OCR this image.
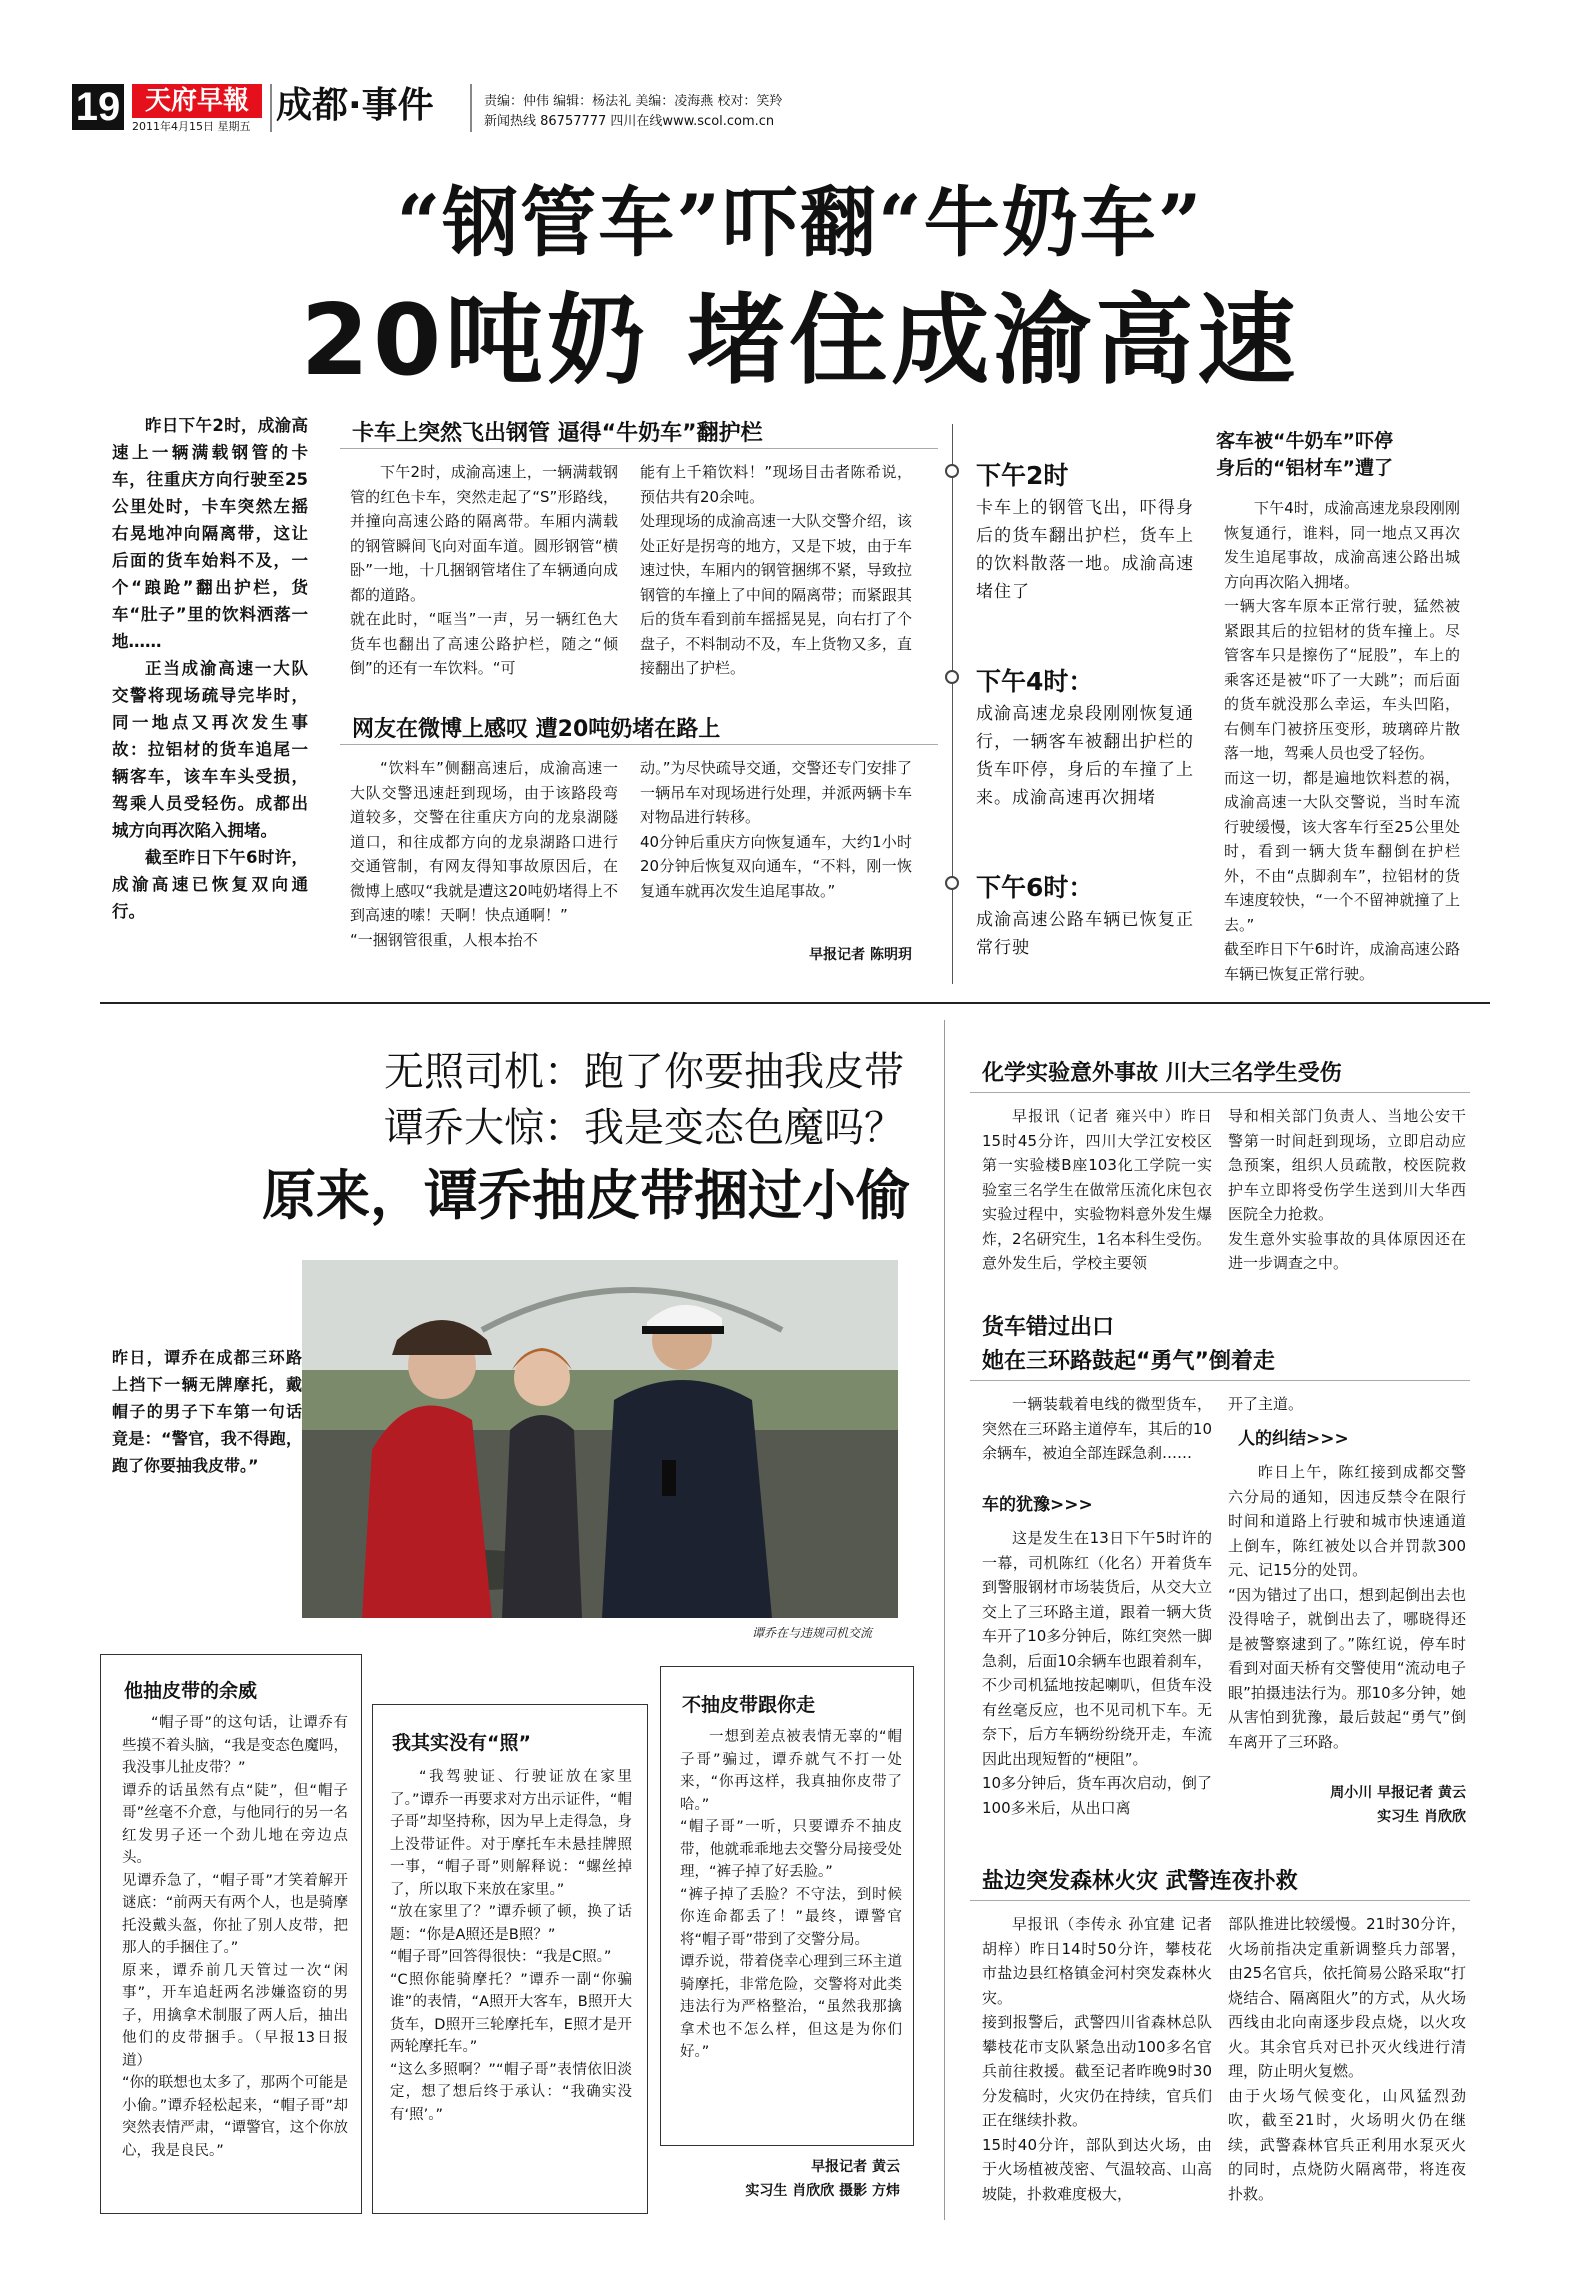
19 天府早報
2011年4月15日 星期五
成都·事件	责编：仲伟 编辑：杨法礼 美编：凌海燕 校对：笑羚
新闻热线 86757777 四川在线www.scol.com.cn
“钢管车”吓翻“牛奶车”
20吨奶 堵住成渝高速

昨日下午2时，成渝高速上一辆满载钢管的卡车，往重庆方向行驶至25公里处时，卡车突然左摇右晃地冲向隔离带，这让后面的货车始料不及，一个“踉跄”翻出护栏，货车“肚子”里的饮料洒落一地……

正当成渝高速一大队交警将现场疏导完毕时，同一地点又再次发生事故：拉铝材的货车追尾一辆客车，该车车头受损，驾乘人员受轻伤。成都出城方向再次陷入拥堵。

截至昨日下午6时许，成渝高速已恢复双向通行。

卡车上突然飞出钢管 逼得“牛奶车”翻护栏

下午2时，成渝高速上，一辆满载钢管的红色卡车，突然走起了“S”形路线，并撞向高速公路的隔离带。车厢内满载的钢管瞬间飞向对面车道。圆形钢管“横卧”一地，十几捆钢管堵住了车辆通向成都的道路。
就在此时，“哐当”一声，另一辆红色大货车也翻出了高速公路护栏，随之“倾倒”的还有一车饮料。“可

能有上千箱饮料！”现场目击者陈希说，预估共有20余吨。
处理现场的成渝高速一大队交警介绍，该处正好是拐弯的地方，又是下坡，由于车速过快，车厢内的钢管捆绑不紧，导致拉钢管的车撞上了中间的隔离带；而紧跟其后的货车看到前车摇摇晃晃，向右打了个盘子，不料制动不及，车上货物又多，直接翻出了护栏。

网友在微博上感叹 遭20吨奶堵在路上

“饮料车”侧翻高速后，成渝高速一大队交警迅速赶到现场，由于该路段弯道较多，交警在往重庆方向的龙泉湖隧道口，和往成都方向的龙泉湖路口进行交通管制，有网友得知事故原因后，在微博上感叹“我就是遭这20吨奶堵得上不到高速的嗦！天啊！快点通啊！”
“一捆钢管很重，人根本抬不

动。”为尽快疏导交通，交警还专门安排了一辆吊车对现场进行处理，并派两辆卡车对物品进行转移。
40分钟后重庆方向恢复通车，大约1小时20分钟后恢复双向通车，“不料，刚一恢复通车就再次发生追尾事故。”

早报记者 陈明玥
下午2时

卡车上的钢管飞出，吓得身后的货车翻出护栏，货车上的饮料散落一地。成渝高速堵住了

下午4时：

成渝高速龙泉段刚刚恢复通行，一辆客车被翻出护栏的货车吓停，身后的车撞了上来。成渝高速再次拥堵

下午6时：

成渝高速公路车辆已恢复正常行驶

客车被“牛奶车”吓停
身后的“铝材车”遭了

下午4时，成渝高速龙泉段刚刚恢复通行，谁料，同一地点又再次发生追尾事故，成渝高速公路出城方向再次陷入拥堵。
一辆大客车原本正常行驶，猛然被紧跟其后的拉铝材的货车撞上。尽管客车只是擦伤了“屁股”，车上的乘客还是被“吓了一大跳”；而后面的货车就没那么幸运，车头凹陷，右侧车门被挤压变形，玻璃碎片散落一地，驾乘人员也受了轻伤。
而这一切，都是遍地饮料惹的祸，成渝高速一大队交警说，当时车流行驶缓慢，该大客车行至25公里处时，看到一辆大货车翻倒在护栏外，不由“点脚刹车”，拉铝材的货车速度较快，“一个不留神就撞了上去。”
截至昨日下午6时许，成渝高速公路车辆已恢复正常行驶。

无照司机：跑了你要抽我皮带
谭乔大惊：我是变态色魔吗？
原来，谭乔抽皮带捆过小偷

昨日，谭乔在成都三环路上挡下一辆无牌摩托，戴帽子的男子下车第一句话竟是：“警官，我不得跑，跑了你要抽我皮带。”

谭乔在与违规司机交流
他抽皮带的余威

“帽子哥”的这句话，让谭乔有些摸不着头脑，“我是变态色魔吗，我没事儿扯皮带？”
谭乔的话虽然有点“陡”，但“帽子哥”丝毫不介意，与他同行的另一名红发男子还一个劲儿地在旁边点头。
见谭乔急了，“帽子哥”才笑着解开谜底：“前两天有两个人，也是骑摩托没戴头盔，你扯了别人皮带，把那人的手捆住了。”
原来，谭乔前几天管过一次“闲事”，开车追赶两名涉嫌盗窃的男子，用擒拿术制服了两人后，抽出他们的皮带捆手。（早报13日报道）
“你的联想也太多了，那两个可能是小偷。”谭乔轻松起来，“帽子哥”却突然表情严肃，“谭警官，这个你放心，我是良民。”

我其实没有“照”

“我驾驶证、行驶证放在家里了。”谭乔一再要求对方出示证件，“帽子哥”却坚持称，因为早上走得急，身上没带证件。对于摩托车未悬挂牌照一事，“帽子哥”则解释说：“螺丝掉了，所以取下来放在家里。”
“放在家里了？”谭乔顿了顿，换了话题：“你是A照还是B照？”
“帽子哥”回答得很快：“我是C照。”
“C照你能骑摩托？”谭乔一副“你骗谁”的表情，“A照开大客车，B照开大货车，D照开三轮摩托车，E照才是开两轮摩托车。”
“这么多照啊？”“帽子哥”表情依旧淡定，想了想后终于承认：“我确实没有‘照’。”

不抽皮带跟你走

一想到差点被表情无辜的“帽子哥”骗过，谭乔就气不打一处来，“你再这样，我真抽你皮带了哈。”
“帽子哥”一听，只要谭乔不抽皮带，他就乖乖地去交警分局接受处理，“裤子掉了好丢脸。”
“裤子掉了丢脸？不守法，到时候你连命都丢了！”最终，谭警官将“帽子哥”带到了交警分局。
谭乔说，带着侥幸心理到三环主道骑摩托，非常危险，交警将对此类违法行为严格整治，“虽然我那擒拿术也不怎么样，但这是为你们好。”

早报记者 黄云
实习生 肖欣欣 摄影 方炜
化学实验意外事故 川大三名学生受伤

早报讯（记者 雍兴中）昨日15时45分许，四川大学江安校区第一实验楼B座103化工学院一实验室三名学生在做常压流化床包衣实验过程中，实验物料意外发生爆炸，2名研究生，1名本科生受伤。
意外发生后，学校主要领

导和相关部门负责人、当地公安干警第一时间赶到现场，立即启动应急预案，组织人员疏散，校医院救护车立即将受伤学生送到川大华西医院全力抢救。
发生意外实验事故的具体原因还在进一步调查之中。

货车错过出口
她在三环路鼓起“勇气”倒着走

一辆装载着电线的微型货车，突然在三环路主道停车，其后的10余辆车，被迫全部连踩急刹……

车的犹豫>>>

这是发生在13日下午5时许的一幕，司机陈红（化名）开着货车到警服钢材市场装货后，从交大立交上了三环路主道，跟着一辆大货车开了10多分钟后，陈红突然一脚急刹，后面10余辆车也跟着刹车，不少司机猛地按起喇叭，但货车没有丝毫反应，也不见司机下车。无奈下，后方车辆纷纷绕开走，车流因此出现短暂的“梗阻”。
10多分钟后，货车再次启动，倒了100多米后，从出口离

开了主道。

人的纠结>>>

昨日上午，陈红接到成都交警六分局的通知，因违反禁令在限行时间和道路上行驶和城市快速通道上倒车，陈红被处以合并罚款300元、记15分的处罚。
“因为错过了出口，想到起倒出去也没得啥子，就倒出去了，哪晓得还是被警察逮到了。”陈红说，停车时看到对面天桥有交警使用“流动电子眼”拍摄违法行为。那10多分钟，她从害怕到犹豫，最后鼓起“勇气”倒车离开了三环路。

周小川 早报记者 黄云
实习生 肖欣欣
盐边突发森林火灾 武警连夜扑救

早报讯（李传永 孙宜建 记者 胡梓）昨日14时50分许，攀枝花市盐边县红格镇金河村突发森林火灾。
接到报警后，武警四川省森林总队攀枝花市支队紧急出动100多名官兵前往救援。截至记者昨晚9时30分发稿时，火灾仍在持续，官兵们正在继续扑救。
15时40分许，部队到达火场，由于火场植被茂密、气温较高、山高坡陡，扑救难度极大，

部队推进比较缓慢。21时30分许，火场前指决定重新调整兵力部署，由25名官兵，依托简易公路采取“打烧结合、隔离阻火”的方式，从火场西线由北向南逐步段点烧，以火攻火。其余官兵对已扑灭火线进行清理，防止明火复燃。
由于火场气候变化，山风猛烈劲吹，截至21时，火场明火仍在继续，武警森林官兵正利用水泵灭火的同时，点烧防火隔离带，将连夜扑救。
